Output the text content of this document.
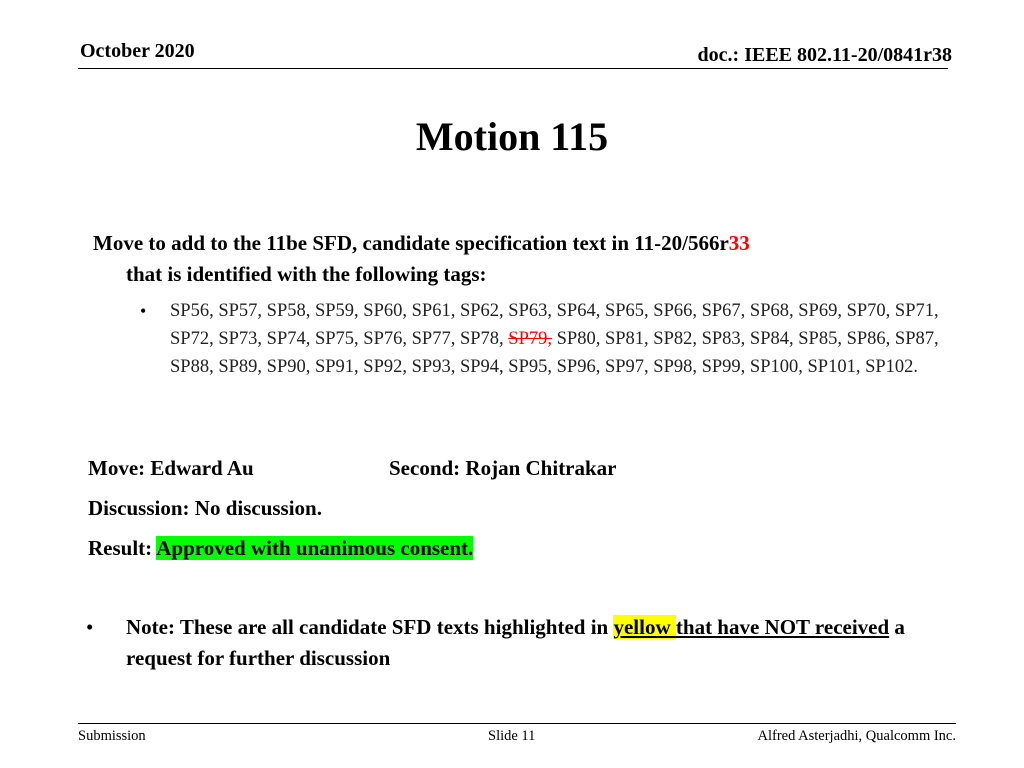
October 2020	doc.: IEEE 802.11-20/0841r38
Motion 115
Move to add to the 11be SFD, candidate specification text in 11-20/566r33
that is identified with the following tags:
• SP56, SP57, SP58, SP59, SP60, SP61, SP62, SP63, SP64, SP65, SP66, SP67, SP68, SP69, SP70, SP71, SP72, SP73, SP74, SP75, SP76, SP77, SP78, SP79, SP80, SP81, SP82, SP83, SP84, SP85, SP86, SP87, SP88, SP89, SP90, SP91, SP92, SP93, SP94, SP95, SP96, SP97, SP98, SP99, SP100, SP101, SP102.
Move: Edward Au	Second: Rojan Chitrakar
Discussion: No discussion.
Result: Approved with unanimous consent.
• Note: These are all candidate SFD texts highlighted in yellow that have NOT received a request for further discussion
Submission	Slide 11	Alfred Asterjadhi, Qualcomm Inc.
